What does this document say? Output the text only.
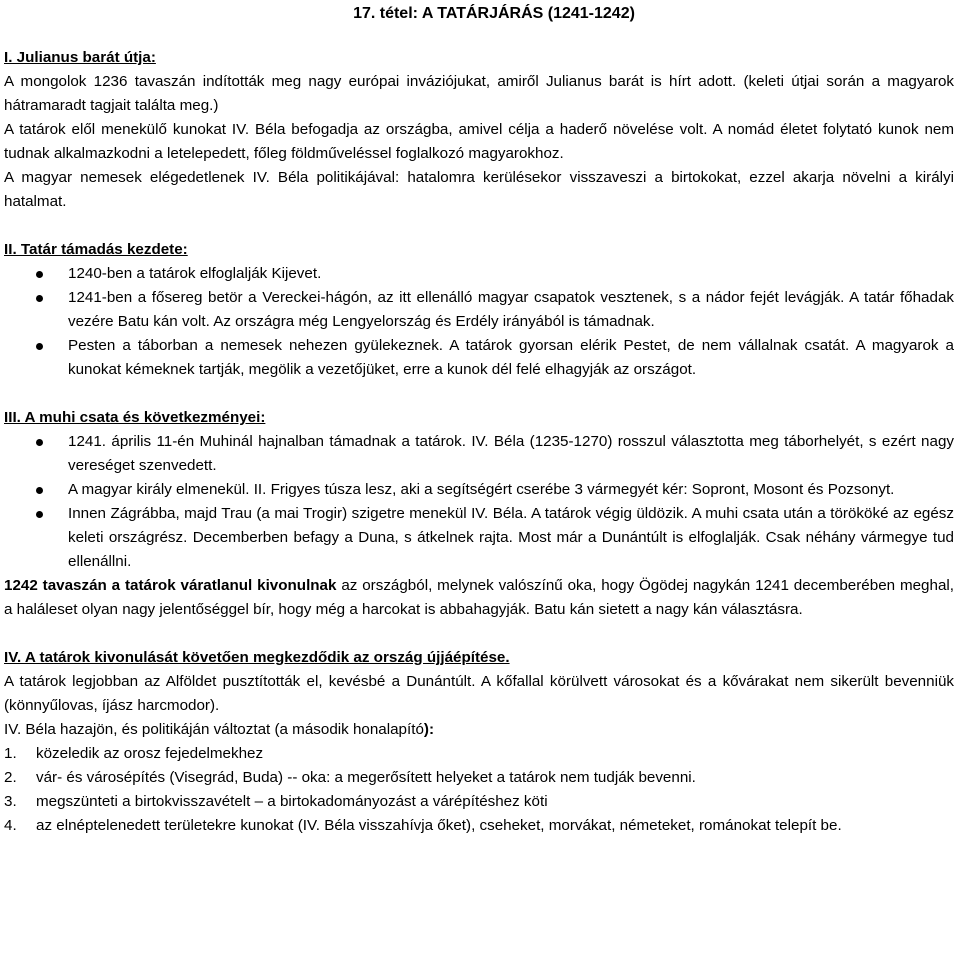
17. tétel: A TATÁRJÁRÁS (1241-1242)
I. Julianus barát útja:

A mongolok 1236 tavaszán indították meg nagy európai inváziójukat, amiről Julianus barát is hírt adott. (keleti útjai során a magyarok hátramaradt tagjait találta meg.)

A tatárok elől menekülő kunokat IV. Béla befogadja az országba, amivel célja a haderő növelése volt. A nomád életet folytató kunok nem tudnak alkalmazkodni a letelepedett, főleg földműveléssel foglalkozó magyarokhoz.

A magyar nemesek elégedetlenek IV. Béla politikájával: hatalomra kerülésekor visszaveszi a birtokokat, ezzel akarja növelni a királyi hatalmat.

II. Tatár támadás kezdete:
1240-ben a tatárok elfoglalják Kijevet.
1241-ben a fősereg betör a Vereckei-hágón, az itt ellenálló magyar csapatok vesztenek, s a nádor fejét levágják. A tatár főhadak vezére Batu kán volt. Az országra még Lengyelország és Erdély irányából is támadnak.
Pesten a táborban a nemesek nehezen gyülekeznek. A tatárok gyorsan elérik Pestet, de nem vállalnak csatát. A magyarok a kunokat kémeknek tartják, megölik a vezetőjüket, erre a kunok dél felé elhagyják az országot.
III. A muhi csata és következményei:
1241. április 11-én Muhinál hajnalban támadnak a tatárok. IV. Béla (1235-1270) rosszul választotta meg táborhelyét, s ezért nagy vereséget szenvedett.
A magyar király elmenekül. II. Frigyes túsza lesz, aki a segítségért cserébe 3 vármegyét kér: Sopront, Mosont és Pozsonyt.
Innen Zágrábba, majd Trau (a mai Trogir) szigetre menekül IV. Béla. A tatárok végig üldözik. A muhi csata után a törököké az egész keleti országrész. Decemberben befagy a Duna, s átkelnek rajta. Most már a Dunántúlt is elfoglalják. Csak néhány vármegye tud ellenállni.

1242 tavaszán a tatárok váratlanul kivonulnak az országból, melynek valószínű oka, hogy Ögödej nagykán 1241 decemberében meghal, a haláleset olyan nagy jelentőséggel bír, hogy még a harcokat is abbahagyják. Batu kán sietett a nagy kán választásra.

IV. A tatárok kivonulását követően megkezdődik az ország újjáépítése.

A tatárok legjobban az Alföldet pusztították el, kevésbé a Dunántúlt. A kőfallal körülvett városokat és a kővárakat nem sikerült bevenniük (könnyűlovas, íjász harcmodor).

IV. Béla hazajön, és politikáján változtat (a második honalapító):

1. közeledik az orosz fejedelmekhez
2. vár- és városépítés (Visegrád, Buda) -- oka: a megerősített helyeket a tatárok nem tudják bevenni.
3. megszünteti a birtokvisszavételt – a birtokadományozást a várépítéshez köti
4. az elnéptelenedett területekre kunokat (IV. Béla visszahívja őket), cseheket, morvákat, németeket, románokat telepít be.
